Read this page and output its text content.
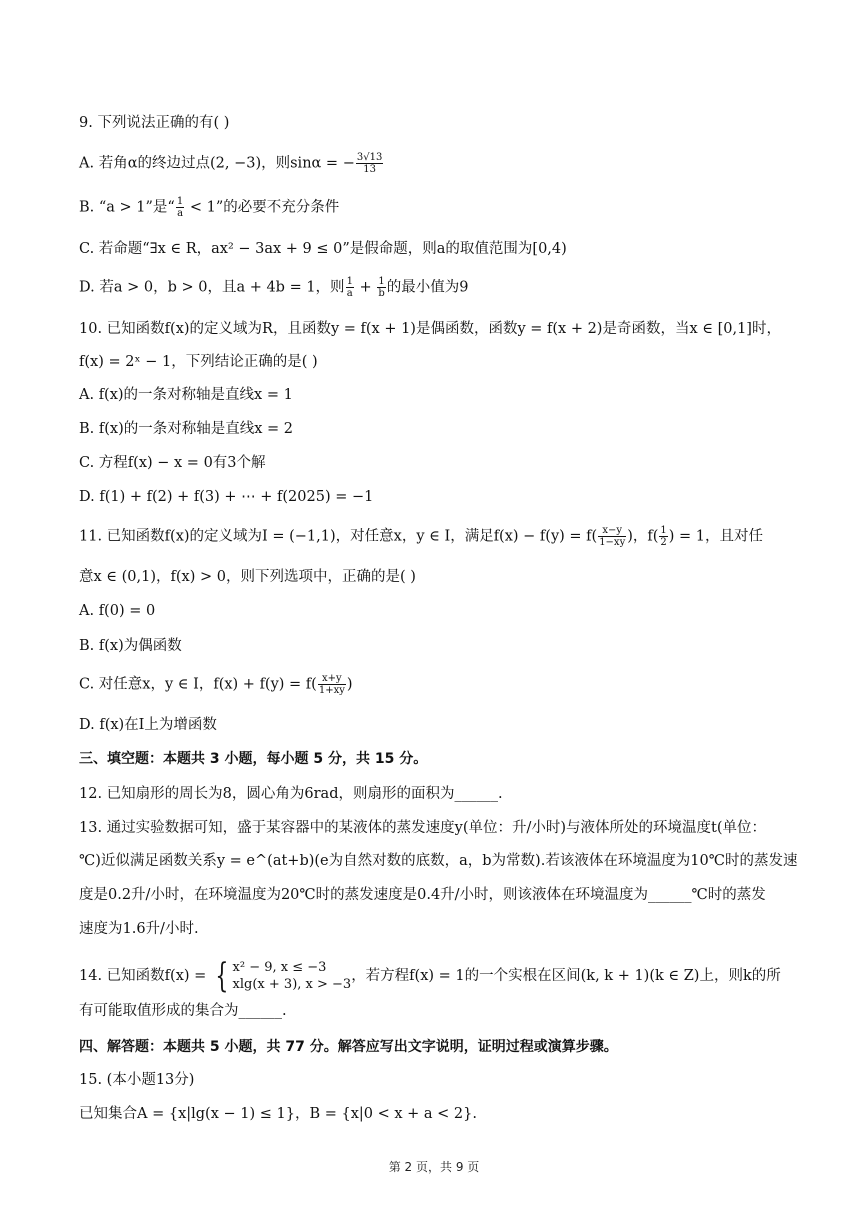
9. 下列说法正确的有( )
A. 若角α的终边过点(2, −3)，则sinα = − $\frac{3√13}{13}$
B. “a > 1”是“ $\frac{1}{a} < 1$”的必要不充分条件
C. 若命题“∃x ∈ R，ax² − 3ax + 9 ≤ 0”是假命题，则a的取值范围为[0,4)
D. 若a > 0，b > 0，且a + 4b = 1，则 $\frac{1}{a} + \frac{1}{b}$ 的最小值为9
10. 已知函数f(x)的定义域为R，且函数y = f(x + 1)是偶函数，函数y = f(x + 2)是奇函数，当x ∈ [0,1]时，
f(x) = 2ˣ − 1，下列结论正确的是( )
A. f(x)的一条对称轴是直线x = 1
B. f(x)的一条对称轴是直线x = 2
C. 方程f(x) − x = 0有3个解
D. f(1) + f(2) + f(3) + ⋯ + f(2025) = −1
11. 已知函数f(x)的定义域为I = (−1,1)，对任意x，y ∈ I，满足$f(x) - f(y) = f( \frac{x-y}{1-xy}$ )，$f( \frac{1}{2}$ ) = 1，且对任
意x ∈ (0,1)，f(x) > 0，则下列选项中，正确的是( )
A. f(0) = 0
B. f(x)为偶函数
C. 对任意x，y ∈ I，$f(x) + f(y) = f( \frac{x+y}{1+xy}$ )
D. f(x)在I上为增函数
三、填空题：本题共 3 小题，每小题 5 分，共 15 分。
12. 已知扇形的周长为8，圆心角为6rad，则扇形的面积为______.
13. 通过实验数据可知，盛于某容器中的某液体的蒸发速度y(单位：升/小时)与液体所处的环境温度t(单位：
℃)近似满足函数关系y = e^(at+b)(e为自然对数的底数，a，b为常数).若该液体在环境温度为10℃时的蒸发速
度是0.2升/小时，在环境温度为20℃时的蒸发速度是0.4升/小时，则该液体在环境温度为______℃时的蒸发
速度为1.6升/小时.
14. 已知函数f(x) = { x² − 9, x ≤ −3
xlg(x + 3), x > −3
，若方程f(x) = 1的一个实根在区间(k, k + 1)(k ∈ Z)上，则k的所
有可能取值形成的集合为______.
四、解答题：本题共 5 小题，共 77 分。解答应写出文字说明，证明过程或演算步骤。
15. (本小题13分)
已知集合A = {x|lg(x − 1) ≤ 1}，B = {x|0 < x + a < 2}.
第 2 页，共 9 页
